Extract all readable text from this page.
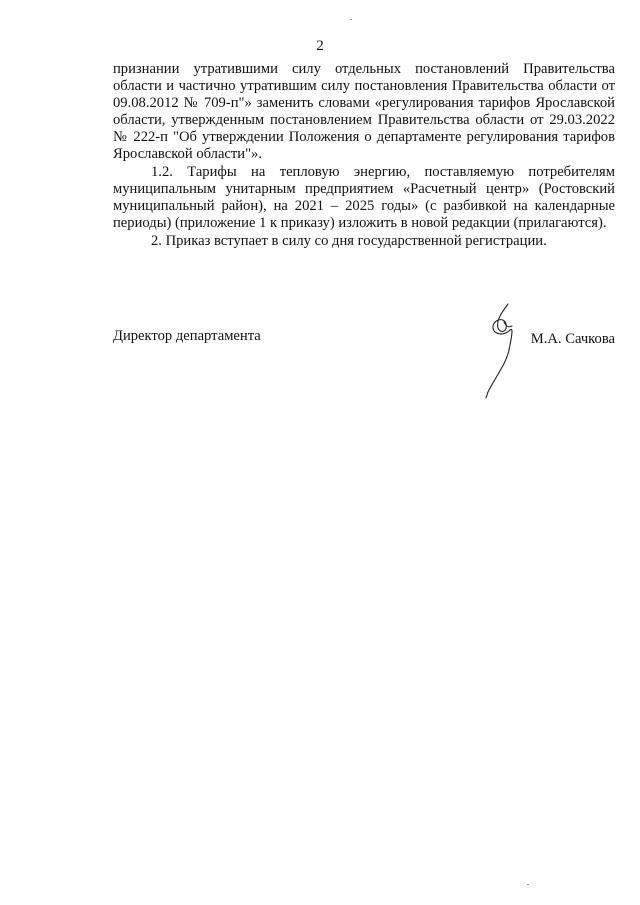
2

признании утратившими силу отдельных постановлений Правительства области и частично утратившим силу постановления Правительства области от 09.08.2012 № 709-п"» заменить словами «регулирования тарифов Ярославской области, утвержденным постановлением Правительства области от 29.03.2022 № 222-п "Об утверждении Положения о департаменте регулирования тарифов Ярославской области"».

1.2. Тарифы на тепловую энергию, поставляемую потребителям муниципальным унитарным предприятием «Расчетный центр» (Ростовский муниципальный район), на 2021 – 2025 годы» (с разбивкой на календарные периоды) (приложение 1 к приказу) изложить в новой редакции (прилагаются).

2. Приказ вступает в силу со дня государственной регистрации.

Директор департамента	М.А. Сачкова
